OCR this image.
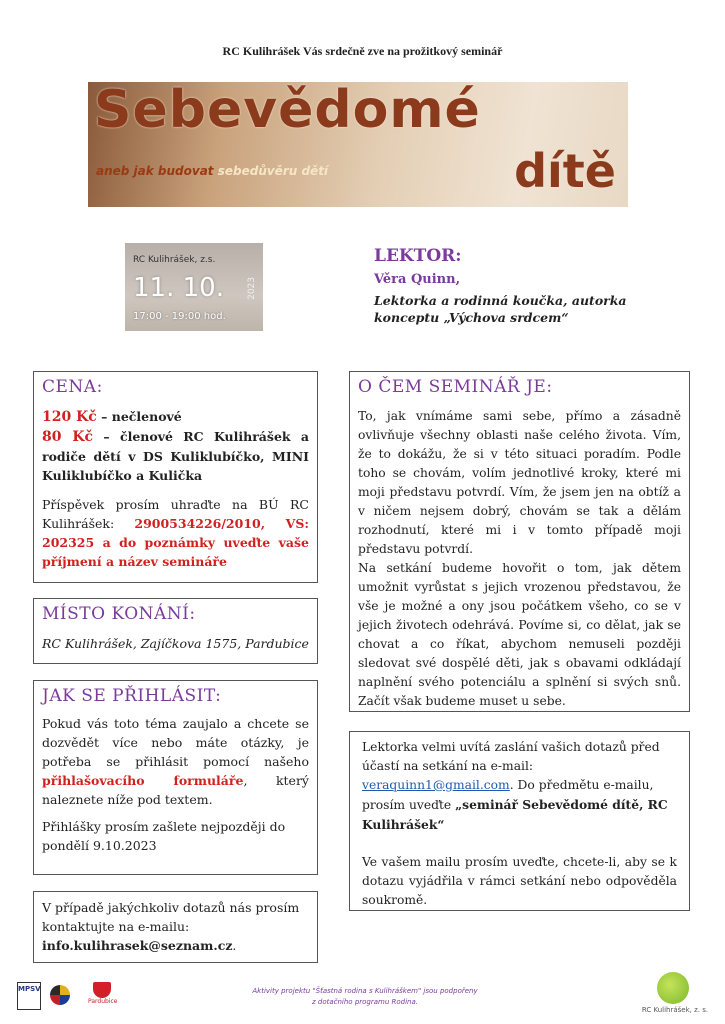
RC Kulihrášek Vás srdečně zve na prožitkový seminář
Sebevědomé
aneb jak budovat sebedůvěru dětí	dítě
RC Kulihrášek, z.s.
11. 10.	2023
17:00 - 19:00 hod.
LEKTOR:
Věra Quinn,
Lektorka a rodinná koučka, autorka
konceptu „Výchova srdcem“
CENA:

120 Kč – nečlenové

80 Kč – členové RC Kulihrášek a rodiče dětí v DS Kuliklubíčko, MINI Kuliklubíčko a Kulička

Příspěvek prosím uhraďte na BÚ RC Kulihrášek: 2900534226/2010, VS: 202325 a do poznámky uveďte vaše příjmení a název semináře

MÍSTO KONÁNÍ:

RC Kulihrášek, Zajíčkova 1575, Pardubice

JAK SE PŘIHLÁSIT:

Pokud vás toto téma zaujalo a chcete se dozvědět více nebo máte otázky, je potřeba se přihlásit pomocí našeho přihlašovacího formuláře, který naleznete níže pod textem.

Přihlášky prosím zašlete nejpozději do pondělí 9.10.2023

V případě jakýchkoliv dotazů nás prosím kontaktujte na e-mailu:

info.kulihrasek@seznam.cz.

O ČEM SEMINÁŘ JE:

To, jak vnímáme sami sebe, přímo a zásadně ovlivňuje všechny oblasti naše celého života. Vím, že to dokážu, že si v této situaci poradím. Podle toho se chovám, volím jednotlivé kroky, které mi moji představu potvrdí. Vím, že jsem jen na obtíž a v ničem nejsem dobrý, chovám se tak a dělám rozhodnutí, které mi i v tomto případě moji představu potvrdí.

Na setkání budeme hovořit o tom, jak dětem umožnit vyrůstat s jejich vrozenou představou, že vše je možné a ony jsou počátkem všeho, co se v jejich životech odehrává. Povíme si, co dělat, jak se chovat a co říkat, abychom nemuseli později sledovat své dospělé děti, jak s obavami odkládají naplnění svého potenciálu a splnění si svých snů. Začít však budeme muset u sebe.

Lektorka velmi uvítá zaslání vašich dotazů před účastí na setkání na e-mail:
veraquinn1@gmail.com. Do předmětu e-mailu, prosím uveďte „seminář Sebevědomé dítě, RC Kulihrášek“

Ve vašem mailu prosím uveďte, chcete-li, aby se k dotazu vyjádřila v rámci setkání nebo odpověděla soukromě.

MPSV
Pardubice
Aktivity projektu "Šťastná rodina s Kulihráškem" jsou podpořeny
z dotačního programu Rodina.
RC Kulihrášek, z. s.
